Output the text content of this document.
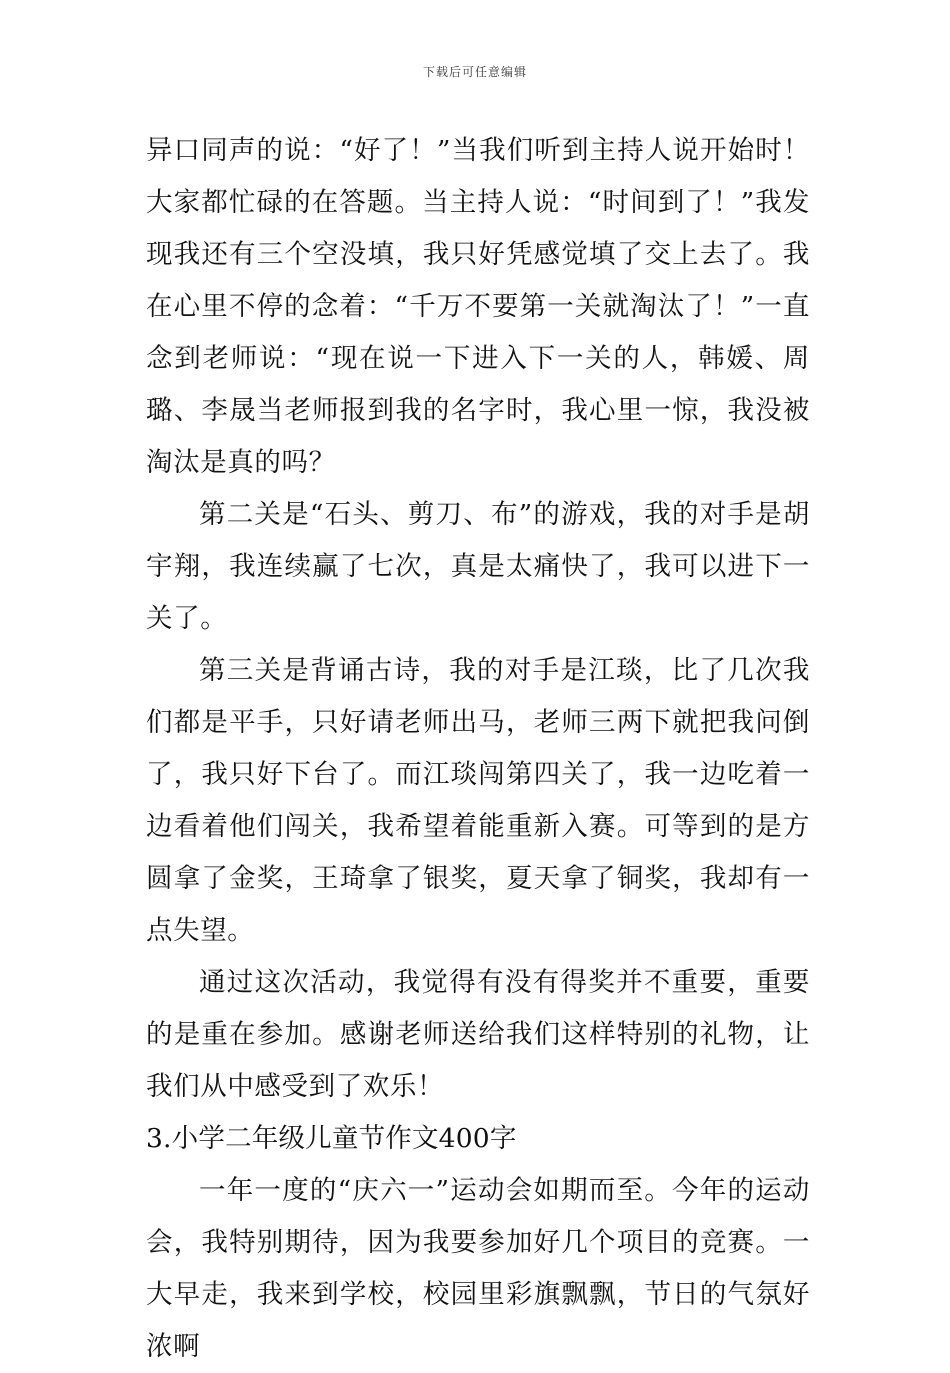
下载后可任意编辑

异口同声的说：“好了！”当我们听到主持人说开始时！大家都忙碌的在答题。当主持人说：“时间到了！”我发现我还有三个空没填，我只好凭感觉填了交上去了。我在心里不停的念着：“千万不要第一关就淘汰了！”一直念到老师说：“现在说一下进入下一关的人，韩媛、周璐、李晟当老师报到我的名字时，我心里一惊，我没被淘汰是真的吗？

第二关是“石头、剪刀、布”的游戏，我的对手是胡宇翔，我连续赢了七次，真是太痛快了，我可以进下一关了。

第三关是背诵古诗，我的对手是江琰，比了几次我们都是平手，只好请老师出马，老师三两下就把我问倒了，我只好下台了。而江琰闯第四关了，我一边吃着一边看着他们闯关，我希望着能重新入赛。可等到的是方圆拿了金奖，王琦拿了银奖，夏天拿了铜奖，我却有一点失望。

通过这次活动，我觉得有没有得奖并不重要，重要的是重在参加。感谢老师送给我们这样特别的礼物，让我们从中感受到了欢乐！

3.小学二年级儿童节作文400字

一年一度的“庆六一”运动会如期而至。今年的运动会，我特别期待，因为我要参加好几个项目的竞赛。一大早走，我来到学校，校园里彩旗飘飘，节日的气氛好浓啊
